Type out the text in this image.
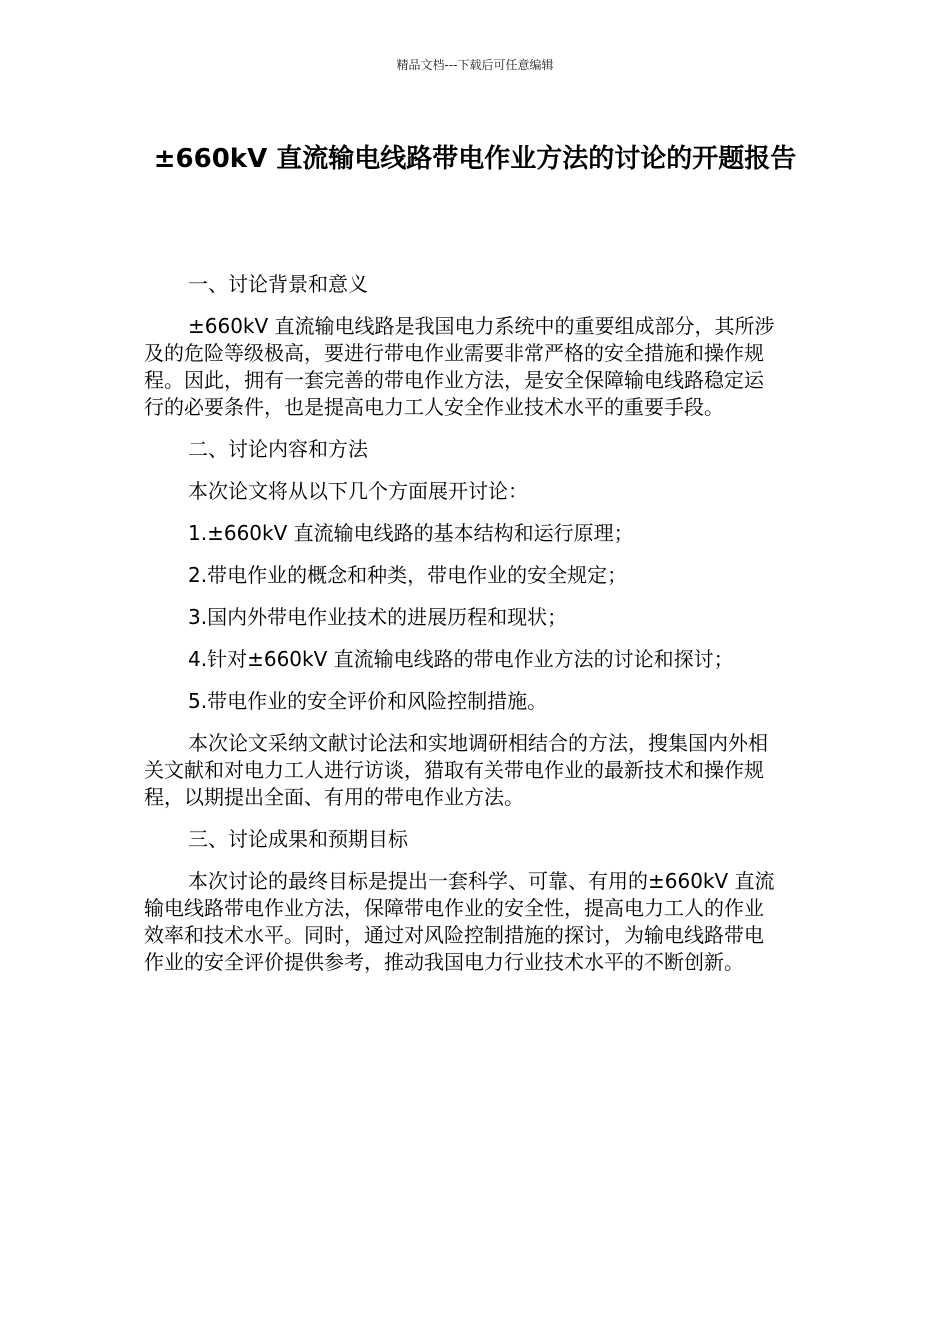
精品文档---下载后可任意编辑
±660kV 直流输电线路带电作业方法的讨论的开题报告

一、讨论背景和意义

±660kV 直流输电线路是我国电力系统中的重要组成部分，其所涉
及的危险等级极高，要进行带电作业需要非常严格的安全措施和操作规
程。因此，拥有一套完善的带电作业方法，是安全保障输电线路稳定运
行的必要条件，也是提高电力工人安全作业技术水平的重要手段。

二、讨论内容和方法

本次论文将从以下几个方面展开讨论：

1.±660kV 直流输电线路的基本结构和运行原理；

2.带电作业的概念和种类，带电作业的安全规定；

3.国内外带电作业技术的进展历程和现状；

4.针对±660kV 直流输电线路的带电作业方法的讨论和探讨；

5.带电作业的安全评价和风险控制措施。

本次论文采纳文献讨论法和实地调研相结合的方法，搜集国内外相
关文献和对电力工人进行访谈，猎取有关带电作业的最新技术和操作规
程，以期提出全面、有用的带电作业方法。

三、讨论成果和预期目标

本次讨论的最终目标是提出一套科学、可靠、有用的±660kV 直流
输电线路带电作业方法，保障带电作业的安全性，提高电力工人的作业
效率和技术水平。同时，通过对风险控制措施的探讨，为输电线路带电
作业的安全评价提供参考，推动我国电力行业技术水平的不断创新。
